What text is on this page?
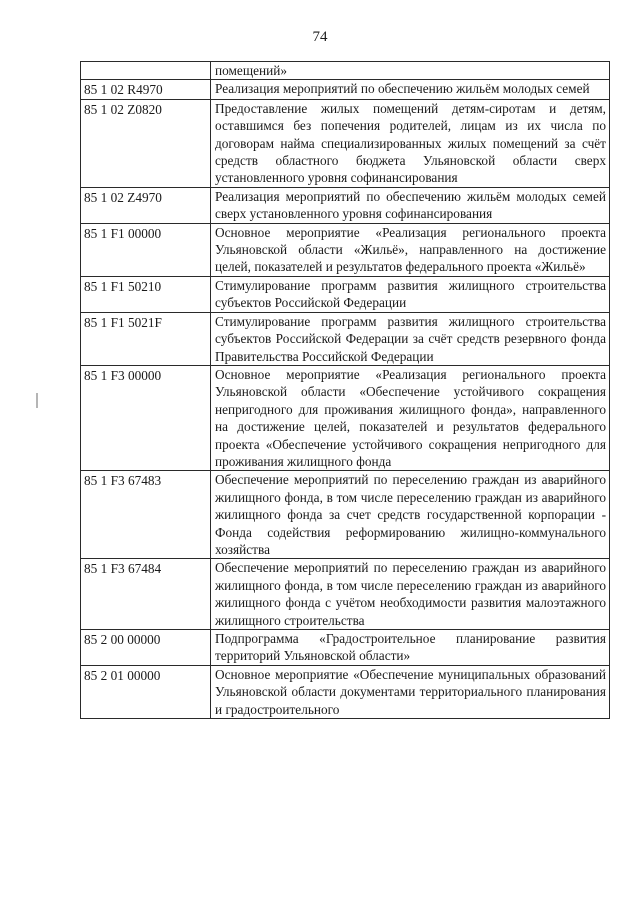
74
	помещений»
85 1 02 R4970	Реализация мероприятий по обеспечению жильём молодых семей
85 1 02 Z0820	Предоставление жилых помещений детям-сиротам и детям, оставшимся без попечения родителей, лицам из их числа по договорам найма специализированных жилых помещений за счёт средств областного бюджета Ульяновской области сверх установленного уровня софинансирования
85 1 02 Z4970	Реализация мероприятий по обеспечению жильём молодых семей сверх установленного уровня софинансирования
85 1 F1 00000	Основное мероприятие «Реализация регионального проекта Ульяновской области «Жильё», направленного на достижение целей, показателей и результатов федерального проекта «Жильё»
85 1 F1 50210	Стимулирование программ развития жилищного строительства субъектов Российской Федерации
85 1 F1 5021F	Стимулирование программ развития жилищного строительства субъектов Российской Федерации за счёт средств резервного фонда Правительства Российской Федерации
85 1 F3 00000	Основное мероприятие «Реализация регионального проекта Ульяновской области «Обеспечение устойчивого сокращения непригодного для проживания жилищного фонда», направленного на достижение целей, показателей и результатов федерального проекта «Обеспечение устойчивого сокращения непригодного для проживания жилищного фонда
85 1 F3 67483	Обеспечение мероприятий по переселению граждан из аварийного жилищного фонда, в том числе переселению граждан из аварийного жилищного фонда за счет средств государственной корпорации - Фонда содействия реформированию жилищно-коммунального хозяйства
85 1 F3 67484	Обеспечение мероприятий по переселению граждан из аварийного жилищного фонда, в том числе переселению граждан из аварийного жилищного фонда с учётом необходимости развития малоэтажного жилищного строительства
85 2 00 00000	Подпрограмма «Градостроительное планирование развития территорий Ульяновской области»
85 2 01 00000	Основное мероприятие «Обеспечение муниципальных образований Ульяновской области документами территориального планирования и градостроительного
